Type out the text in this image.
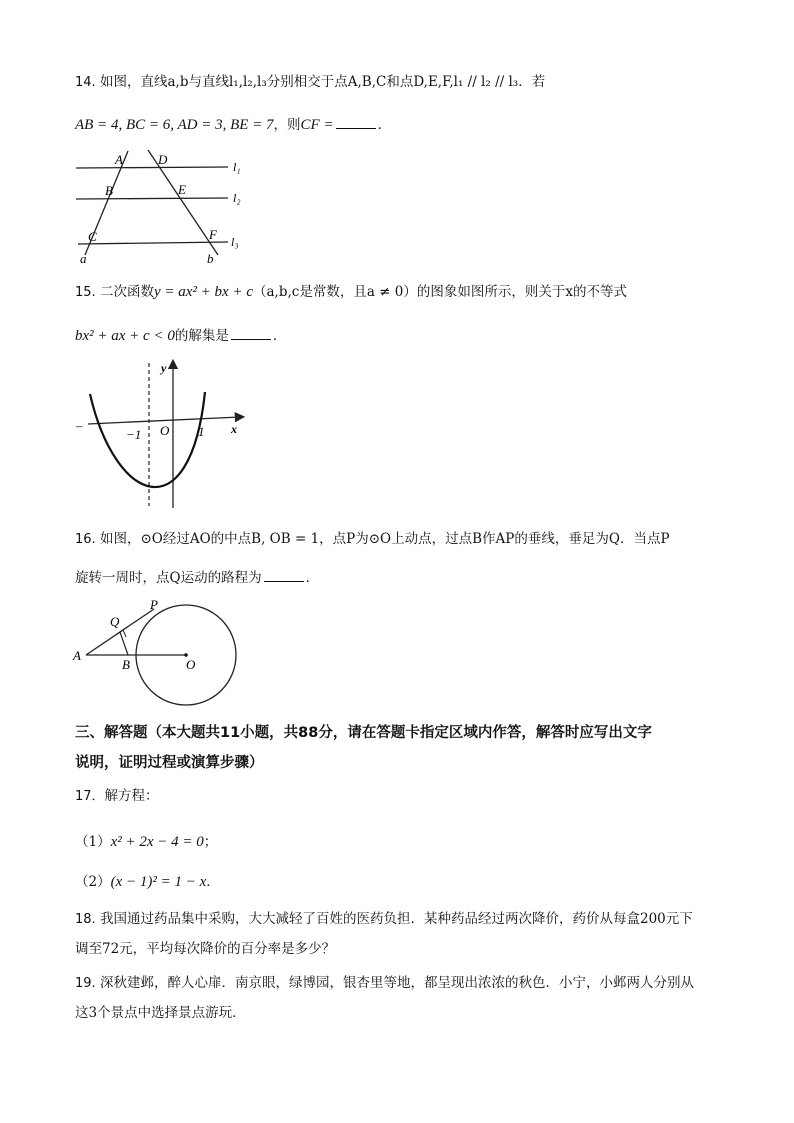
14. 如图，直线a,b与直线l₁,l₂,l₃分别相交于点A,B,C和点D,E,F,l₁ // l₂ // l₃．若
AB = 4, BC = 6, AD = 3, BE = 7，则CF =	．
A	D	l₁
B	E
l₂
C	F l₃
a	b
15. 二次函数y = ax² + bx + c（a,b,c是常数，且a ≠ 0）的图象如图所示，则关于x的不等式
bx² + ax + c < 0的解集是	．
y
−1 O 1 x
–
16. 如图，⊙O经过AO的中点B, OB = 1，点P为⊙O上动点，过点B作AP的垂线，垂足为Q．当点P
旋转一周时，点Q运动的路程为	．
P
Q
A
B	O
三、解答题（本大题共11小题，共88分，请在答题卡指定区域内作答，解答时应写出文字
说明，证明过程或演算步骤）
17．解方程：
（1）x² + 2x − 4 = 0；
（2）(x − 1)² = 1 − x．
18. 我国通过药品集中采购，大大减轻了百姓的医药负担．某种药品经过两次降价，药价从每盒200元下
调至72元，平均每次降价的百分率是多少？
19. 深秋建邺，醉人心扉．南京眼，绿博园，银杏里等地，都呈现出浓浓的秋色．小宁，小邺两人分别从
这3个景点中选择景点游玩．
